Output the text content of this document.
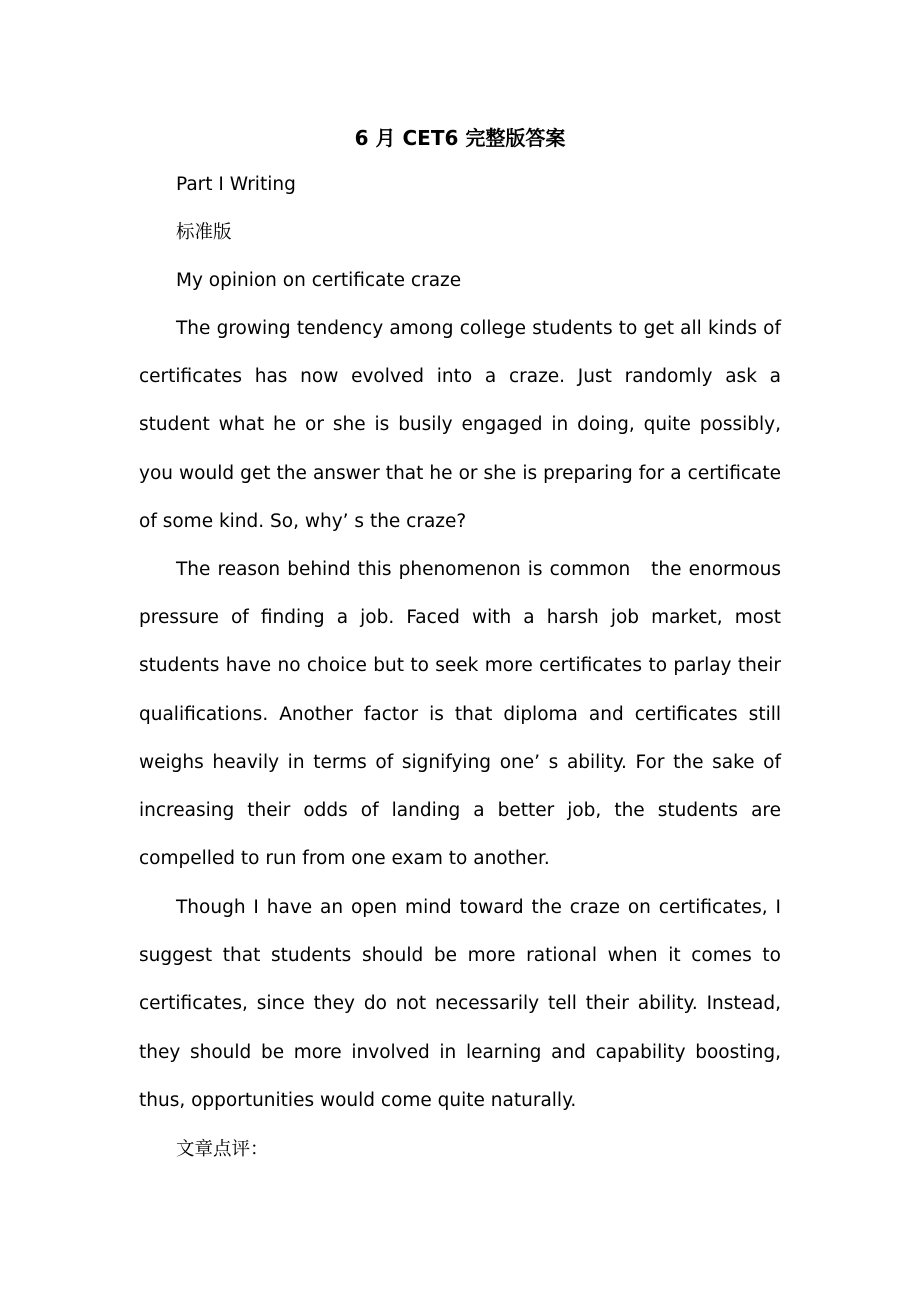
6 月 CET6 完整版答案

Part I Writing

标准版

My opinion on certificate craze

The growing tendency among college students to get all kinds of certificates has now evolved into a craze. Just randomly ask a student what he or she is busily engaged in doing, quite possibly, you would get the answer that he or she is preparing for a certificate of some kind. So, why’ s the craze?

The reason behind this phenomenon is common　the enormous pressure of finding a job. Faced with a harsh job market, most students have no choice but to seek more certificates to parlay their qualifications. Another factor is that diploma and certificates still weighs heavily in terms of signifying one’ s ability. For the sake of increasing their odds of landing a better job, the students are compelled to run from one exam to another.

Though I have an open mind toward the craze on certificates, I suggest that students should be more rational when it comes to certificates, since they do not necessarily tell their ability. Instead, they should be more involved in learning and capability boosting, thus, opportunities would come quite naturally.

文章点评：
